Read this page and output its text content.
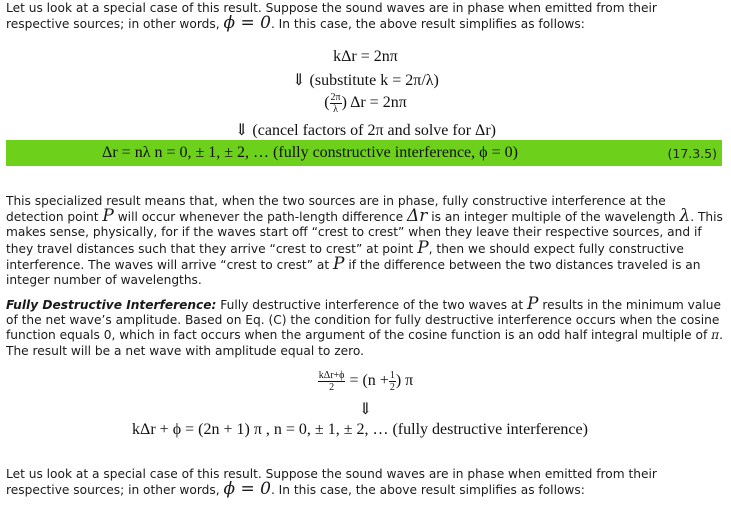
Let us look at a special case of this result. Suppose the sound waves are in phase when emitted from their respective sources; in other words, ϕ = 0. In this case, the above result simplifies as follows:

kΔr = 2nπ
⇓ (substitute k = 2π/λ)
( $\frac{2\pi}{\lambda}$ ) Δr = 2nπ
⇓ (cancel factors of 2π and solve for Δr)
Δr = nλ n = 0, ± 1, ± 2, … (fully constructive interference, ϕ = 0)	(17.3.5)

This specialized result means that, when the two sources are in phase, fully constructive interference at the detection point P will occur whenever the path-length difference Δr is an integer multiple of the wavelength λ. This makes sense, physically, for if the waves start off “crest to crest” when they leave their respective sources, and if they travel distances such that they arrive “crest to crest” at point P, then we should expect fully constructive interference. The waves will arrive “crest to crest” at P if the difference between the two distances traveled is an integer number of wavelengths.

Fully Destructive Interference: Fully destructive interference of the two waves at P results in the minimum value of the net wave’s amplitude. Based on Eq. (C) the condition for fully destructive interference occurs when the cosine function equals 0, which in fact occurs when the argument of the cosine function is an odd half integral multiple of π. The result will be a net wave with amplitude equal to zero.

$\frac{\text{kΔr+ϕ}}{2} = (n + \frac{1}{2}$ ) π
⇓
kΔr + ϕ = (2n + 1) π , n = 0, ± 1, ± 2, … (fully destructive interference)

Let us look at a special case of this result. Suppose the sound waves are in phase when emitted from their respective sources; in other words, ϕ = 0. In this case, the above result simplifies as follows:
